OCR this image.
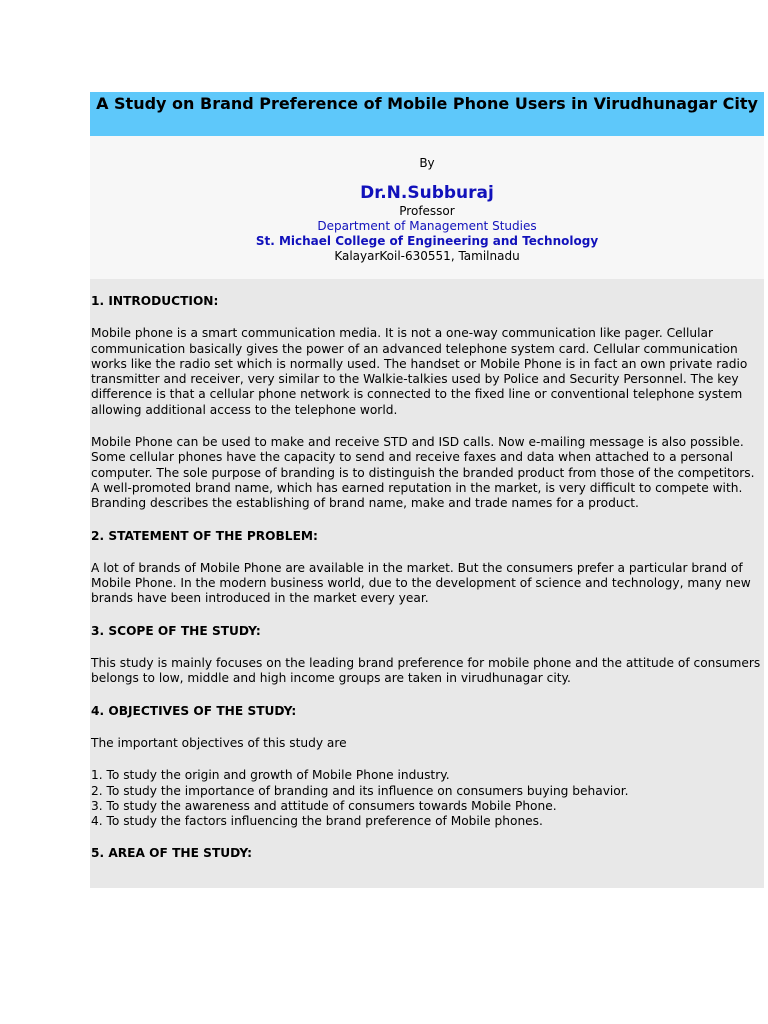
A Study on Brand Preference of Mobile Phone Users in Virudhunagar City
By
Dr.N.Subburaj
Professor
Department of Management Studies
St. Michael College of Engineering and Technology
KalayarKoil-630551, Tamilnadu
1. INTRODUCTION:

Mobile phone is a smart communication media. It is not a one-way communication like pager. Cellular communication basically gives the power of an advanced telephone system card. Cellular communication works like the radio set which is normally used. The handset or Mobile Phone is in fact an own private radio transmitter and receiver, very similar to the Walkie-talkies used by Police and Security Personnel. The key difference is that a cellular phone network is connected to the fixed line or conventional telephone system allowing additional access to the telephone world.

Mobile Phone can be used to make and receive STD and ISD calls. Now e-mailing message is also possible. Some cellular phones have the capacity to send and receive faxes and data when attached to a personal computer. The sole purpose of branding is to distinguish the branded product from those of the competitors. A well-promoted brand name, which has earned reputation in the market, is very difficult to compete with. Branding describes the establishing of brand name, make and trade names for a product.

2. STATEMENT OF THE PROBLEM:

A lot of brands of Mobile Phone are available in the market. But the consumers prefer a particular brand of Mobile Phone. In the modern business world, due to the development of science and technology, many new brands have been introduced in the market every year.

3. SCOPE OF THE STUDY:

This study is mainly focuses on the leading brand preference for mobile phone and the attitude of consumers belongs to low, middle and high income groups are taken in virudhunagar city.

4. OBJECTIVES OF THE STUDY:

The important objectives of this study are

1. To study the origin and growth of Mobile Phone industry.
2. To study the importance of branding and its influence on consumers buying behavior.
3. To study the awareness and attitude of consumers towards Mobile Phone.
4. To study the factors influencing the brand preference of Mobile phones.
5. AREA OF THE STUDY:
